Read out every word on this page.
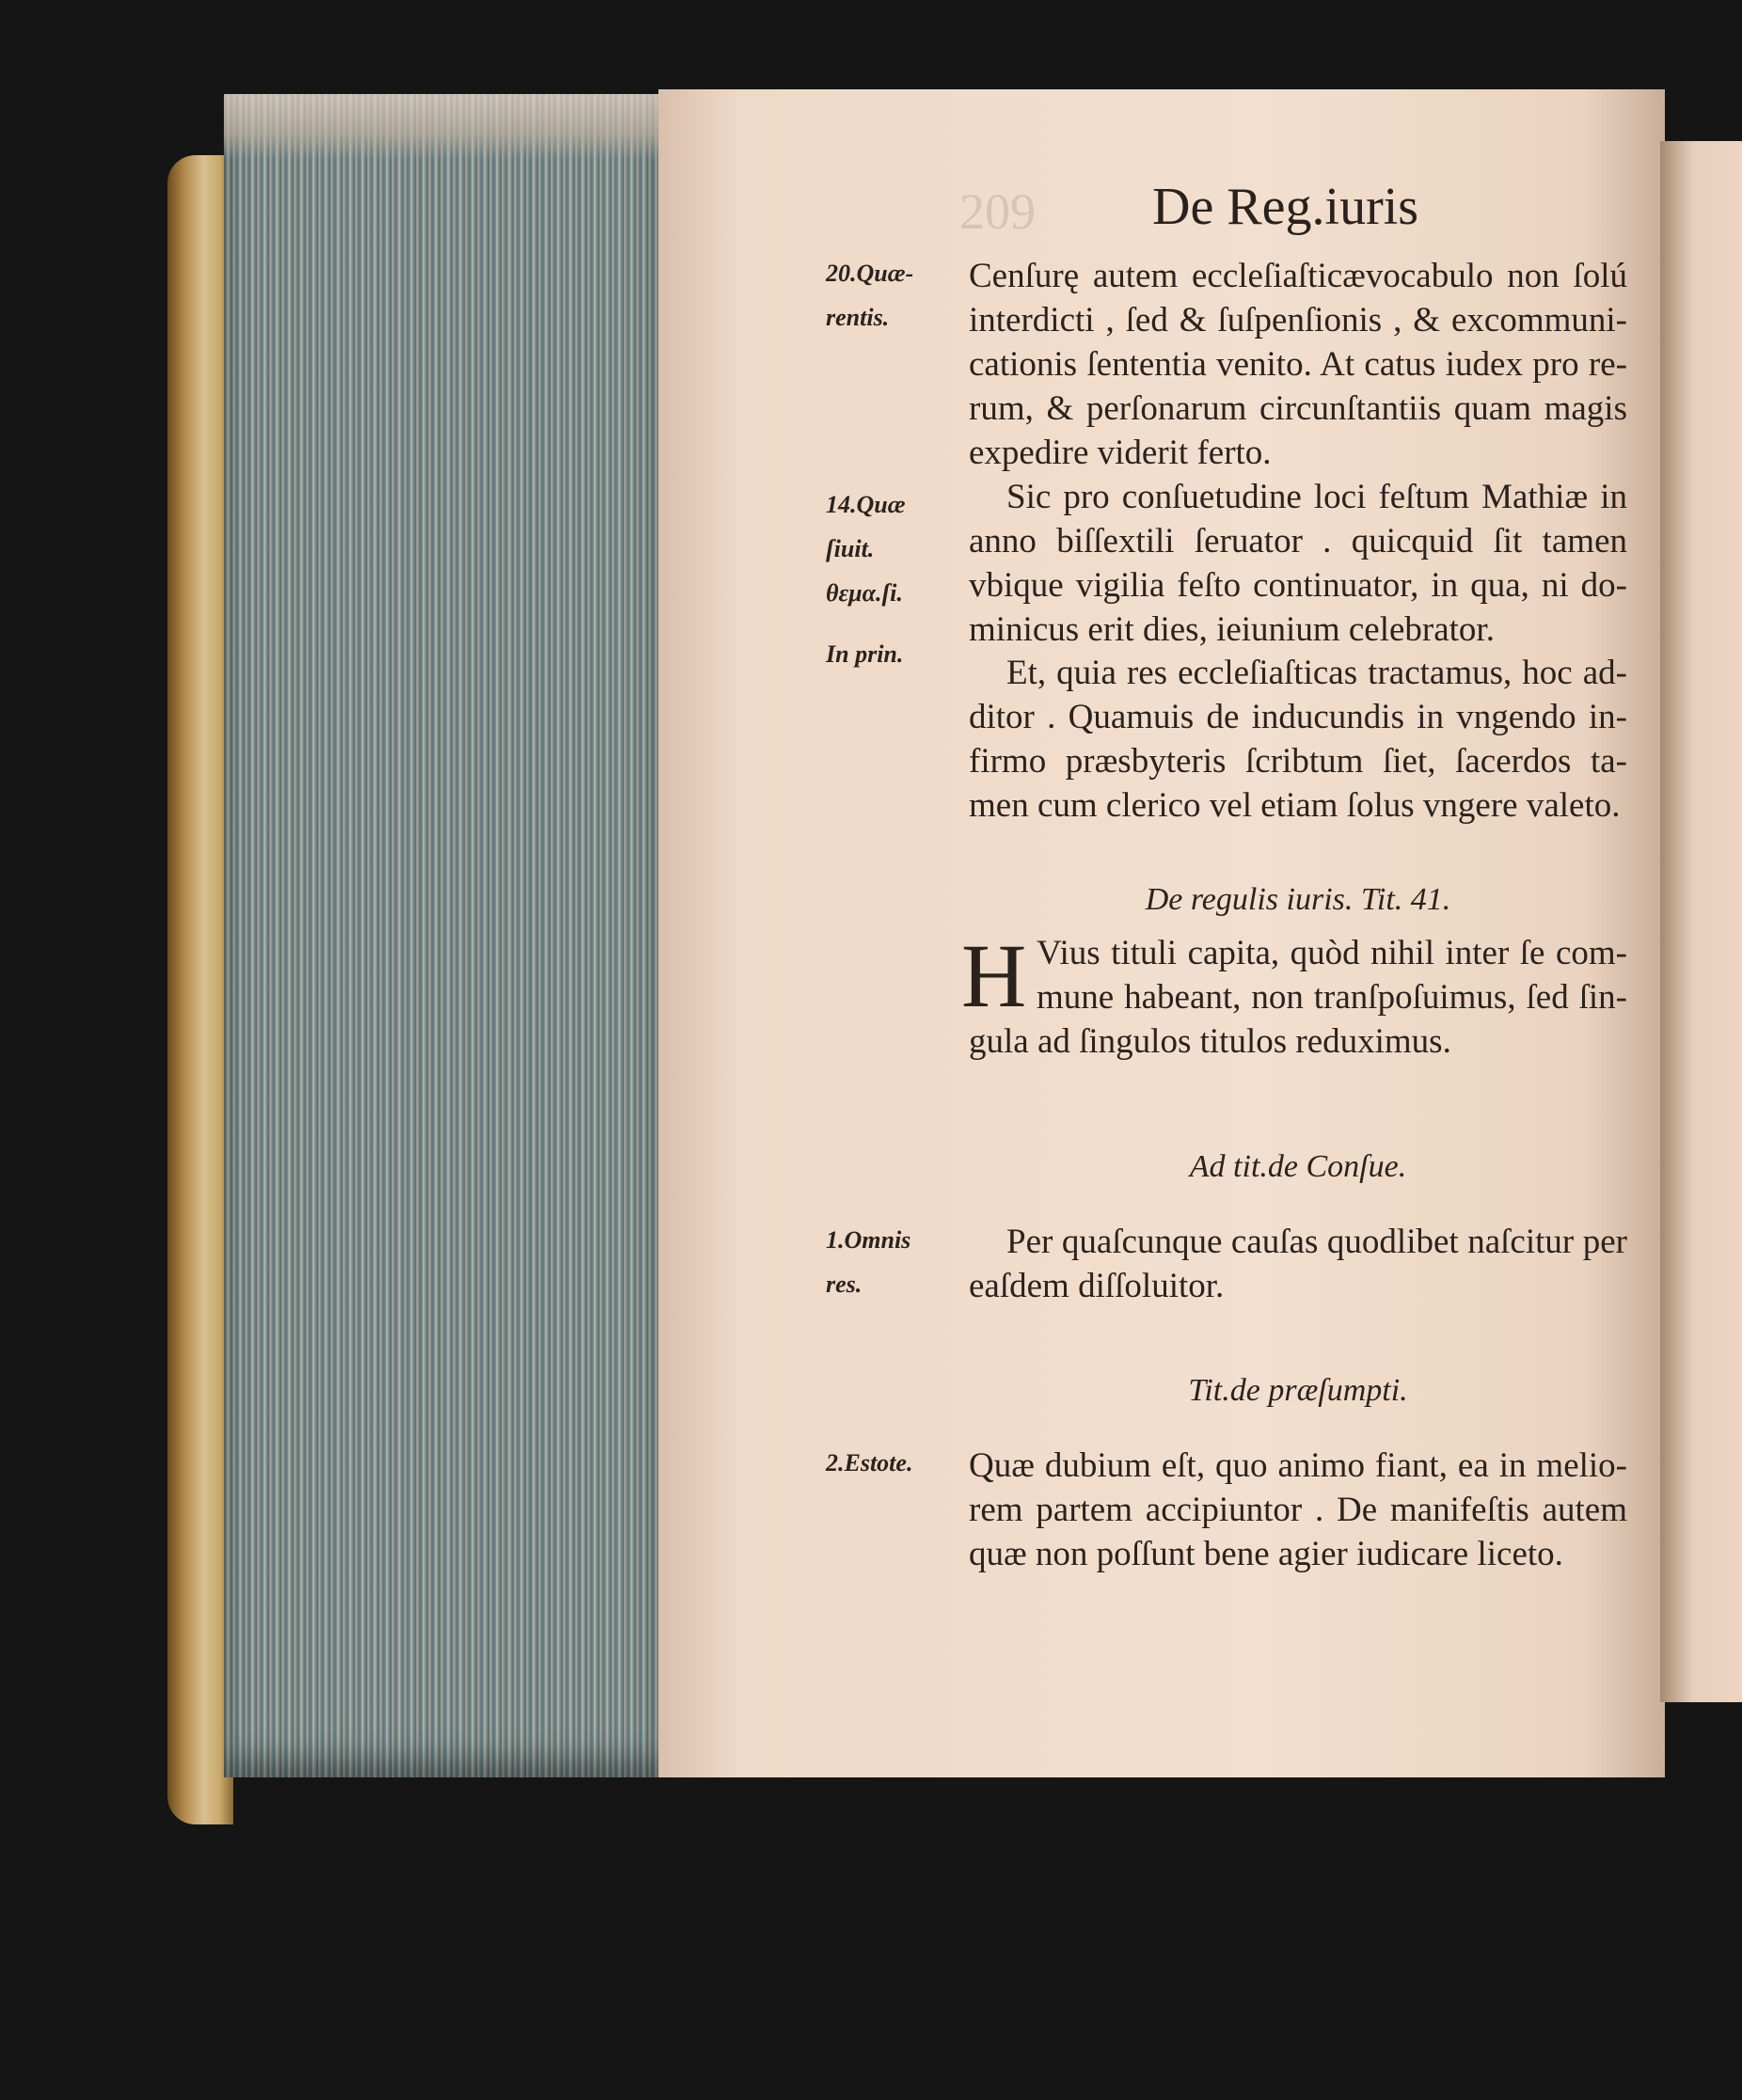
209 De Reg.iuris
Cenſurę autem eccleſiaſticævocabulo non ſolú
interdicti , ſed & ſuſpenſionis , & excommuni-
cationis ſententia venito. At catus iudex pro re-
rum, & perſonarum circunſtantiis quam magis
expedire viderit ferto.
Sic pro conſuetudine loci feſtum Mathiæ in
anno biſſextili ſeruator . quicquid ſit tamen
vbique vigilia feſto continuator, in qua, ni do-
minicus erit dies, ieiunium celebrator.
Et, quia res eccleſiaſticas tractamus, hoc ad-
ditor . Quamuis de inducundis in vngendo in-
firmo præsbyteris ſcribtum ſiet, ſacerdos ta-
men cum clerico vel etiam ſolus vngere valeto.
De regulis iuris. Tit. 41.
H Vius tituli capita, quòd nihil inter ſe com-
mune habeant, non tranſpoſuimus, ſed ſin-
gula ad ſingulos titulos reduximus.
Ad tit.de Conſue.
Per quaſcunque cauſas quodlibet naſcitur per
eaſdem diſſoluitor.
Tit.de præſumpti.
Quæ dubium eſt, quo animo fiant, ea in melio-
rem partem accipiuntor . De manifeſtis autem
quæ non poſſunt bene agier iudicare liceto.
20.Quæ-
rentis.
14.Quæ
ſiuit.
θεμα.ſi.
In prin.
1.Omnis
res.
2.Estote.
